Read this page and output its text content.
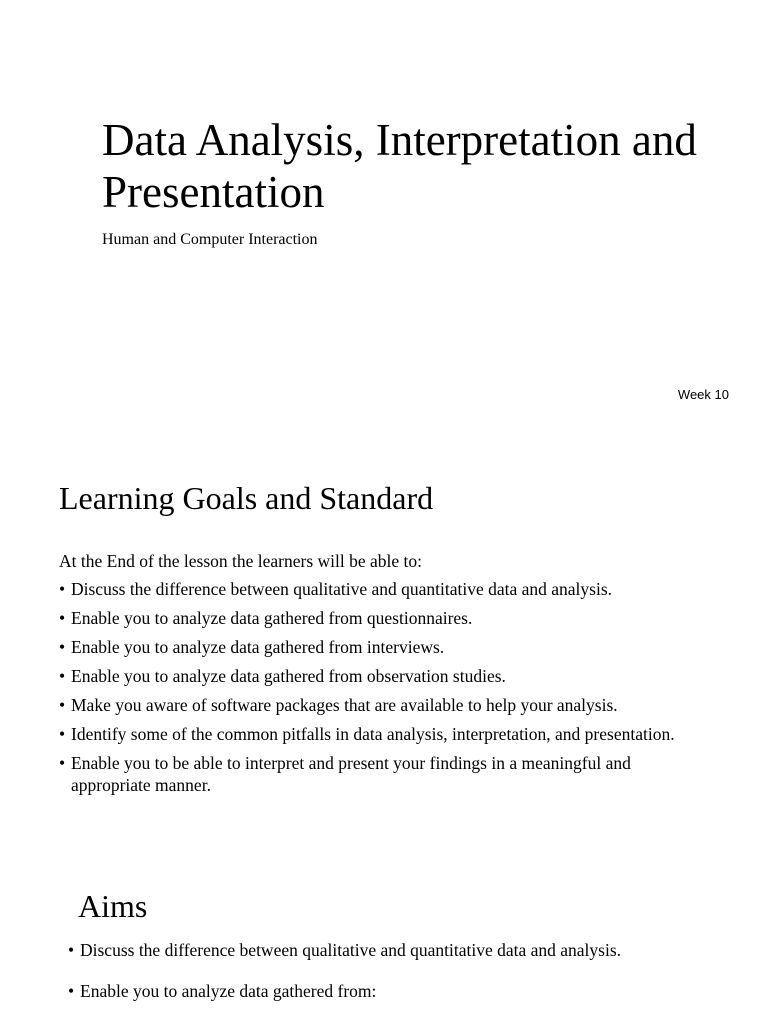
Data Analysis, Interpretation and Presentation

Human and Computer Interaction

Week 10
Learning Goals and Standard

At the End of the lesson the learners will be able to:

• Discuss the difference between qualitative and quantitative data and analysis.
• Enable you to analyze data gathered from questionnaires.
• Enable you to analyze data gathered from interviews.
• Enable you to analyze data gathered from observation studies.
• Make you aware of software packages that are available to help your analysis.
• Identify some of the common pitfalls in data analysis, interpretation, and presentation.
• Enable you to be able to interpret and present your findings in a meaningful and appropriate manner.
Aims
• Discuss the difference between qualitative and quantitative data and analysis.
• Enable you to analyze data gathered from:
